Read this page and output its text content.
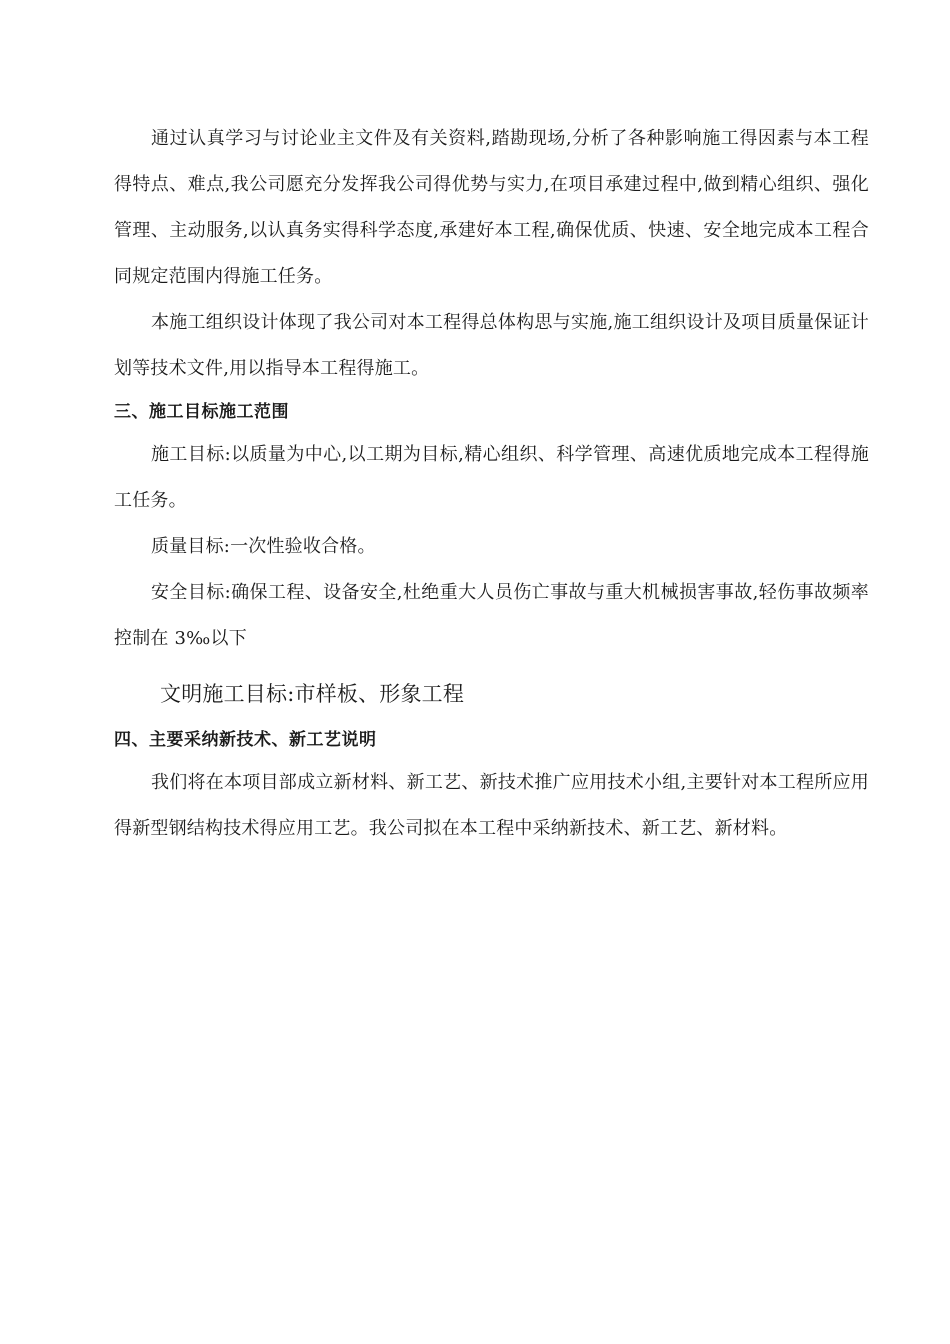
通过认真学习与讨论业主文件及有关资料,踏勘现场,分析了各种影响施工得因素与本工程得特点、难点,我公司愿充分发挥我公司得优势与实力,在项目承建过程中,做到精心组织、强化管理、主动服务,以认真务实得科学态度,承建好本工程,确保优质、快速、安全地完成本工程合同规定范围内得施工任务。

本施工组织设计体现了我公司对本工程得总体构思与实施,施工组织设计及项目质量保证计划等技术文件,用以指导本工程得施工。

三、施工目标施工范围

施工目标:以质量为中心,以工期为目标,精心组织、科学管理、高速优质地完成本工程得施工任务。

质量目标:一次性验收合格。

安全目标:确保工程、设备安全,杜绝重大人员伤亡事故与重大机械损害事故,轻伤事故频率控制在 3‰以下

文明施工目标:市样板、形象工程

四、主要采纳新技术、新工艺说明

我们将在本项目部成立新材料、新工艺、新技术推广应用技术小组,主要针对本工程所应用得新型钢结构技术得应用工艺。我公司拟在本工程中采纳新技术、新工艺、新材料。
